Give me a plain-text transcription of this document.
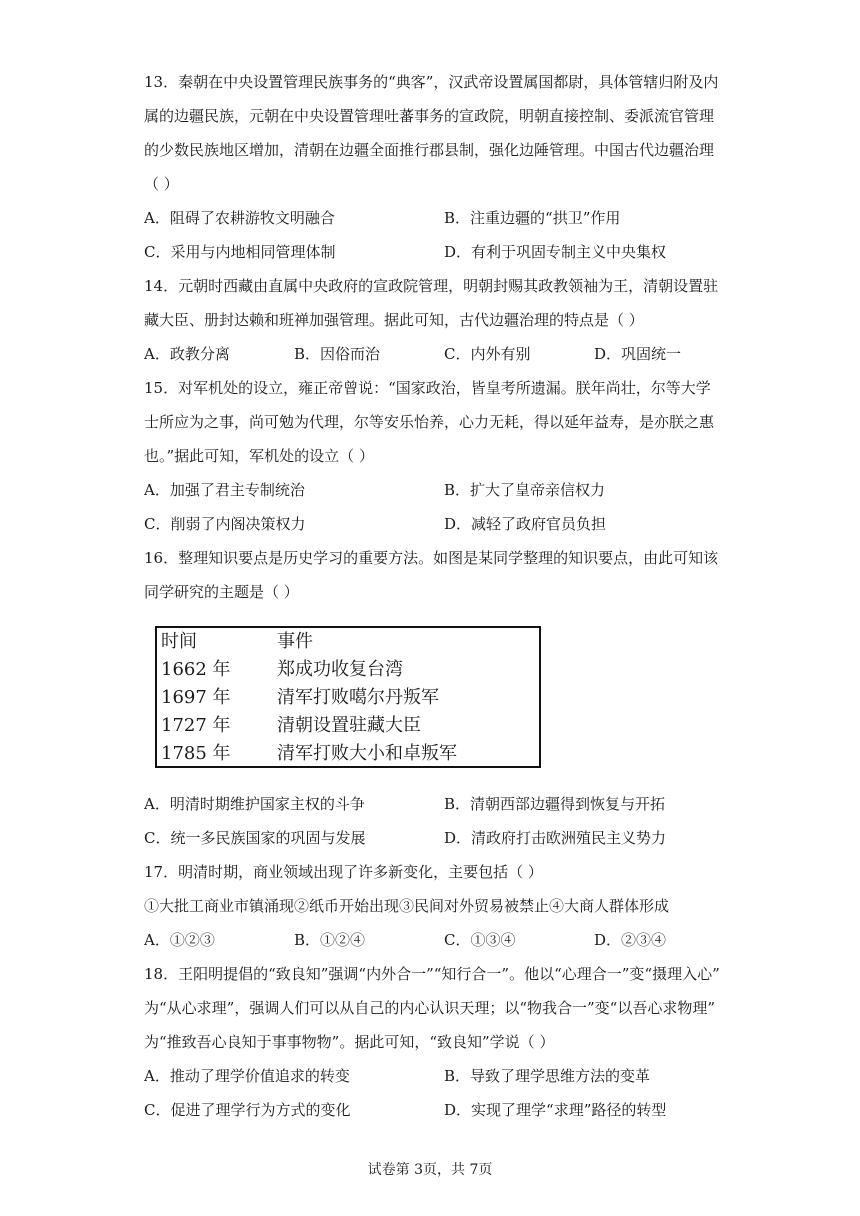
13．秦朝在中央设置管理民族事务的“典客”，汉武帝设置属国都尉，具体管辖归附及内
属的边疆民族，元朝在中央设置管理吐蕃事务的宣政院，明朝直接控制、委派流官管理
的少数民族地区增加，清朝在边疆全面推行郡县制，强化边陲管理。中国古代边疆治理
（ ）
A．阻碍了农耕游牧文明融合	B．注重边疆的“拱卫”作用
C．采用与内地相同管理体制	D．有利于巩固专制主义中央集权
14．元朝时西藏由直属中央政府的宣政院管理，明朝封赐其政教领袖为王，清朝设置驻
藏大臣、册封达赖和班禅加强管理。据此可知，古代边疆治理的特点是（ ）
A．政教分离	B．因俗而治	C．内外有别	D．巩固统一
15．对军机处的设立，雍正帝曾说：“国家政治，皆皇考所遗漏。朕年尚壮，尔等大学
士所应为之事，尚可勉为代理，尔等安乐怡养，心力无耗，得以延年益寿，是亦朕之惠
也。”据此可知，军机处的设立（ ）
A．加强了君主专制统治	B．扩大了皇帝亲信权力
C．削弱了内阁决策权力	D．减轻了政府官员负担
16．整理知识要点是历史学习的重要方法。如图是某同学整理的知识要点，由此可知该
同学研究的主题是（ ）
时间	事件
1662 年	郑成功收复台湾
1697 年	清军打败噶尔丹叛军
1727 年	清朝设置驻藏大臣
1785 年	清军打败大小和卓叛军
A．明清时期维护国家主权的斗争	B．清朝西部边疆得到恢复与开拓
C．统一多民族国家的巩固与发展	D．清政府打击欧洲殖民主义势力
17．明清时期，商业领域出现了许多新变化，主要包括（ ）
①大批工商业市镇涌现②纸币开始出现③民间对外贸易被禁止④大商人群体形成
A．①②③	B．①②④	C．①③④	D．②③④
18．王阳明提倡的“致良知”强调“内外合一”“知行合一”。他以“心理合一”变“摄理入心”
为“从心求理”，强调人们可以从自己的内心认识天理；以“物我合一”变“以吾心求物理”
为“推致吾心良知于事事物物”。据此可知，“致良知”学说（ ）
A．推动了理学价值追求的转变	B．导致了理学思维方法的变革
C．促进了理学行为方式的变化	D．实现了理学“求理”路径的转型
试卷第 3页，共 7页
